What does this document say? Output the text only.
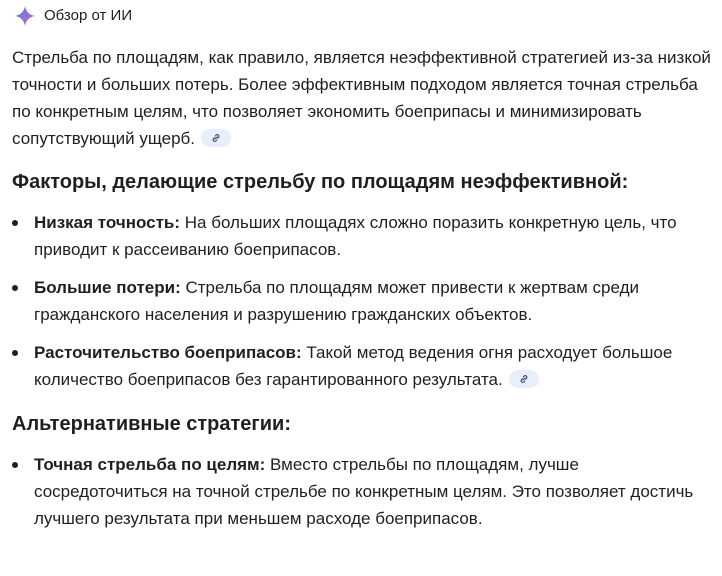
Обзор от ИИ

Стрельба по площадям, как правило, является неэффективной стратегией из-за низкой точности и больших потерь. Более эффективным подходом является точная стрельба по конкретным целям, что позволяет экономить боеприпасы и минимизировать сопутствующий ущерб.

Факторы, делающие стрельбу по площадям неэффективной:
Низкая точность: На больших площадях сложно поразить конкретную цель, что приводит к рассеиванию боеприпасов.
Большие потери: Стрельба по площадям может привести к жертвам среди гражданского населения и разрушению гражданских объектов.
Расточительство боеприпасов: Такой метод ведения огня расходует большое количество боеприпасов без гарантированного результата.
Альтернативные стратегии:
Точная стрельба по целям: Вместо стрельбы по площадям, лучше сосредоточиться на точной стрельбе по конкретным целям. Это позволяет достичь лучшего результата при меньшем расходе боеприпасов.
